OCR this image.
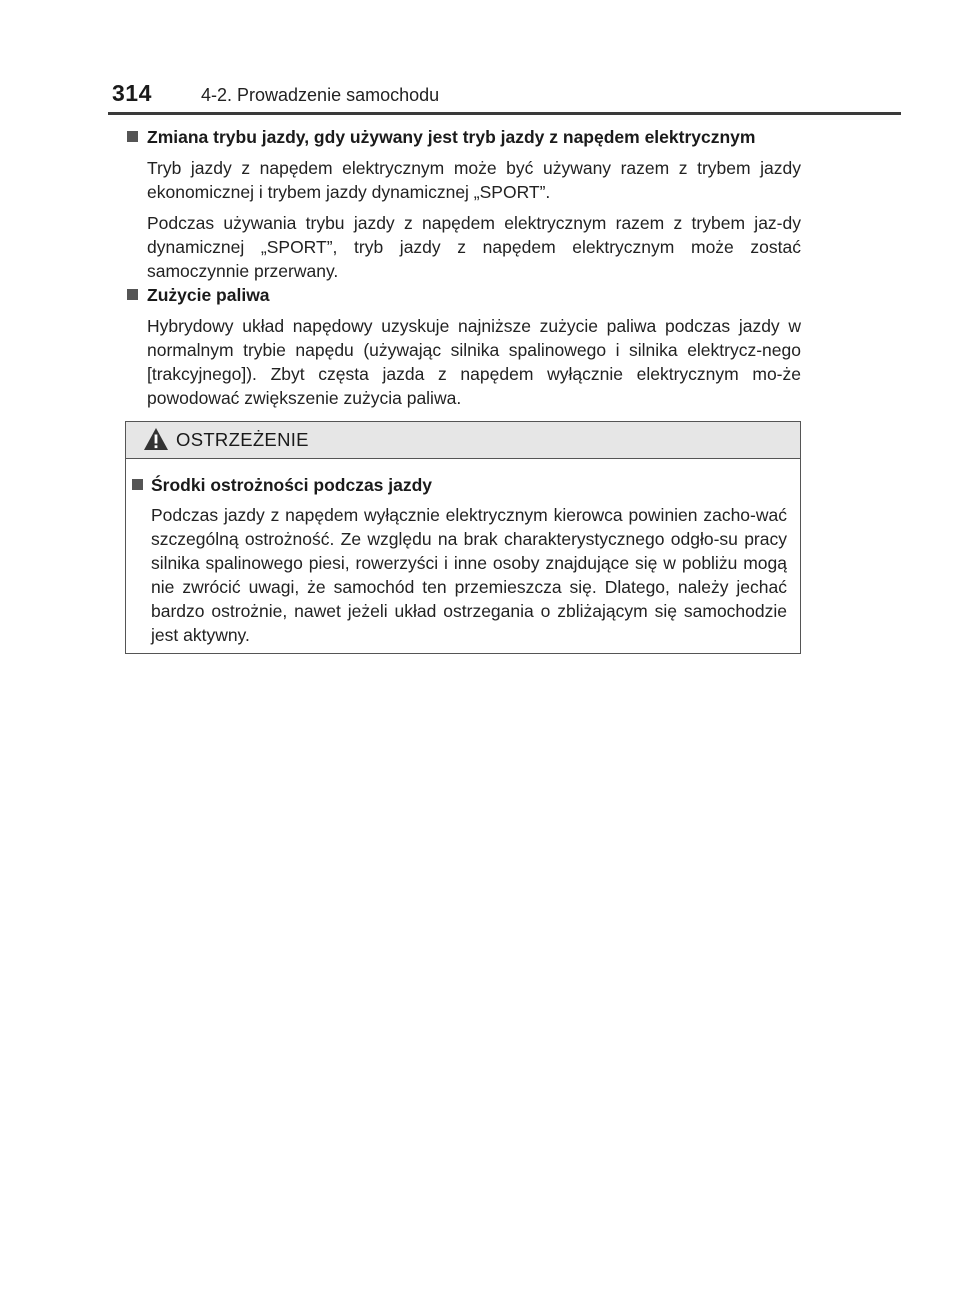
314	4-2. Prowadzenie samochodu
Zmiana trybu jazdy, gdy używany jest tryb jazdy z napędem elektrycznym

Tryb jazdy z napędem elektrycznym może być używany razem z trybem jazdy ekonomicznej i trybem jazdy dynamicznej „SPORT”.

Podczas używania trybu jazdy z napędem elektrycznym razem z trybem jaz-dy dynamicznej „SPORT”, tryb jazdy z napędem elektrycznym może zostać samoczynnie przerwany.

Zużycie paliwa

Hybrydowy układ napędowy uzyskuje najniższe zużycie paliwa podczas jazdy w normalnym trybie napędu (używając silnika spalinowego i silnika elektrycz-nego [trakcyjnego]). Zbyt częsta jazda z napędem wyłącznie elektrycznym mo-że powodować zwiększenie zużycia paliwa.

OSTRZEŻENIE
Środki ostrożności podczas jazdy

Podczas jazdy z napędem wyłącznie elektrycznym kierowca powinien zacho-wać szczególną ostrożność. Ze względu na brak charakterystycznego odgło-su pracy silnika spalinowego piesi, rowerzyści i inne osoby znajdujące się w pobliżu mogą nie zwrócić uwagi, że samochód ten przemieszcza się. Dlatego, należy jechać bardzo ostrożnie, nawet jeżeli układ ostrzegania o zbliżającym się samochodzie jest aktywny.
